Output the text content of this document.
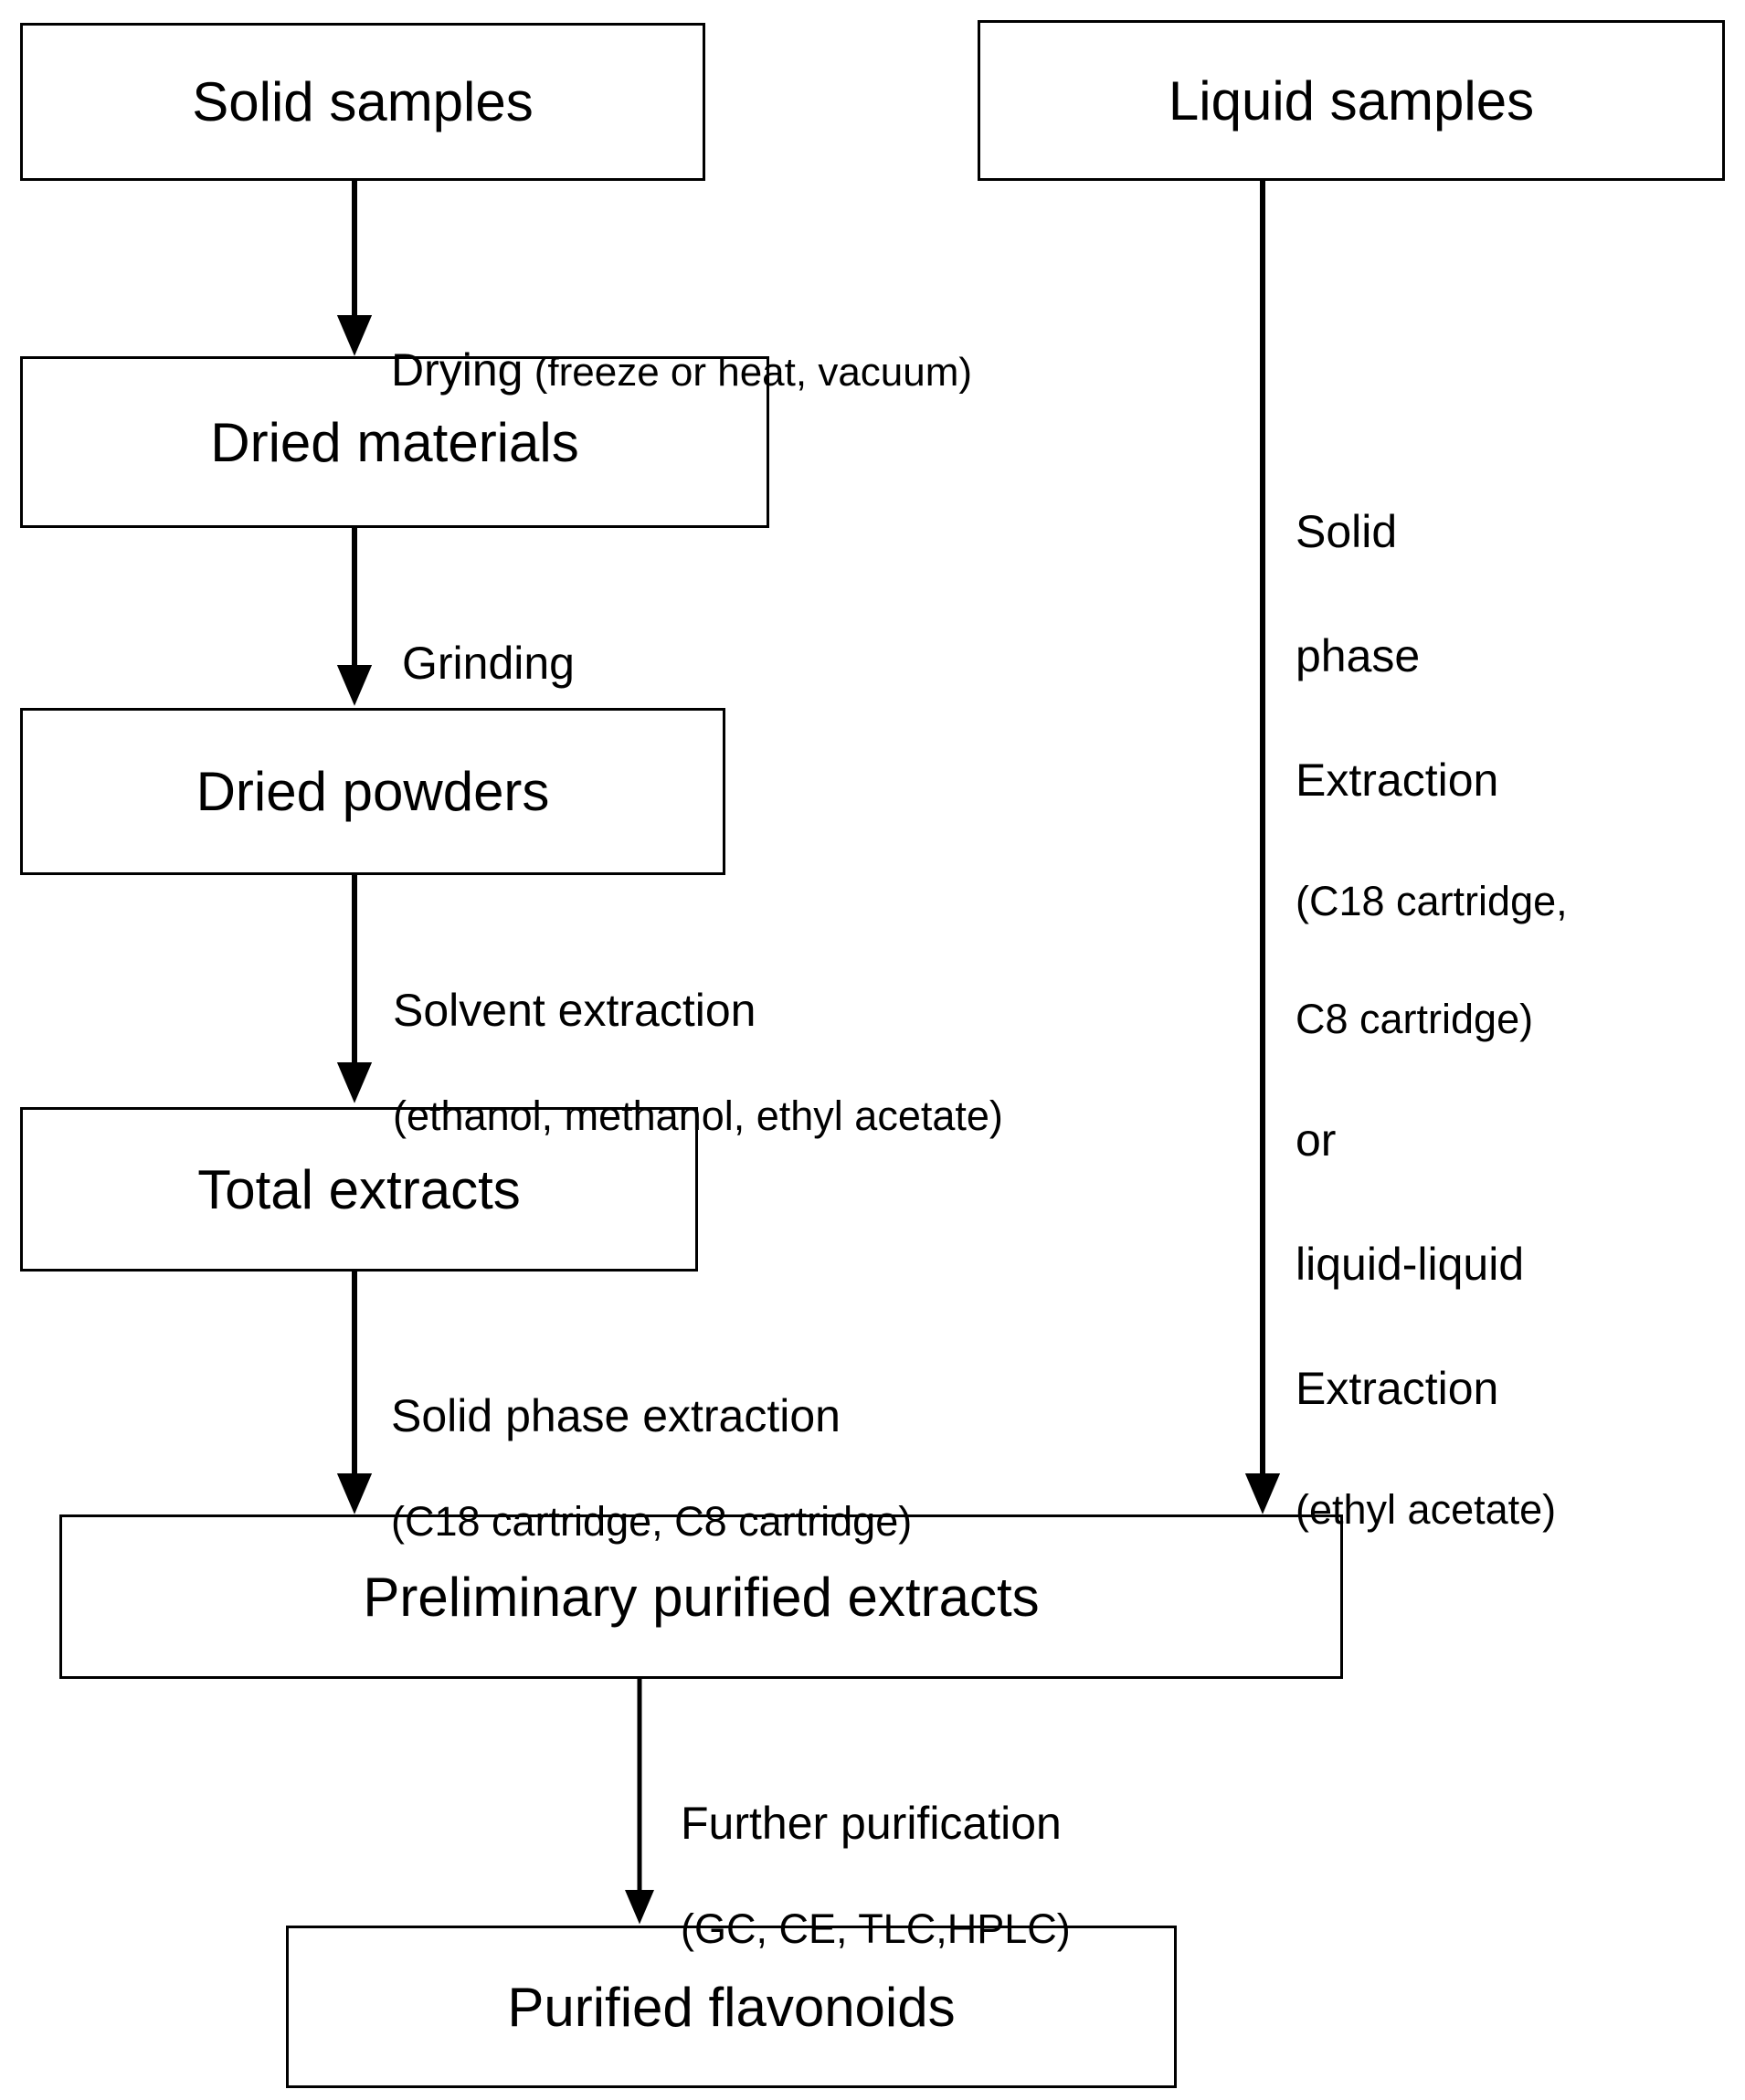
Solid samples	Liquid samples
Dried materials
Dried powders
Total extracts
Preliminary purified extracts
Purified flavonoids

Drying (freeze or heat, vacuum)

Grinding

Solvent extraction

(ethanol, methanol, ethyl acetate)

Solid phase extraction

(C18 cartridge, C8 cartridge)

Further purification

(GC, CE, TLC,HPLC)

Solid

phase

Extraction

(C18 cartridge,

C8 cartridge)

or

liquid-liquid

Extraction

(ethyl acetate)
